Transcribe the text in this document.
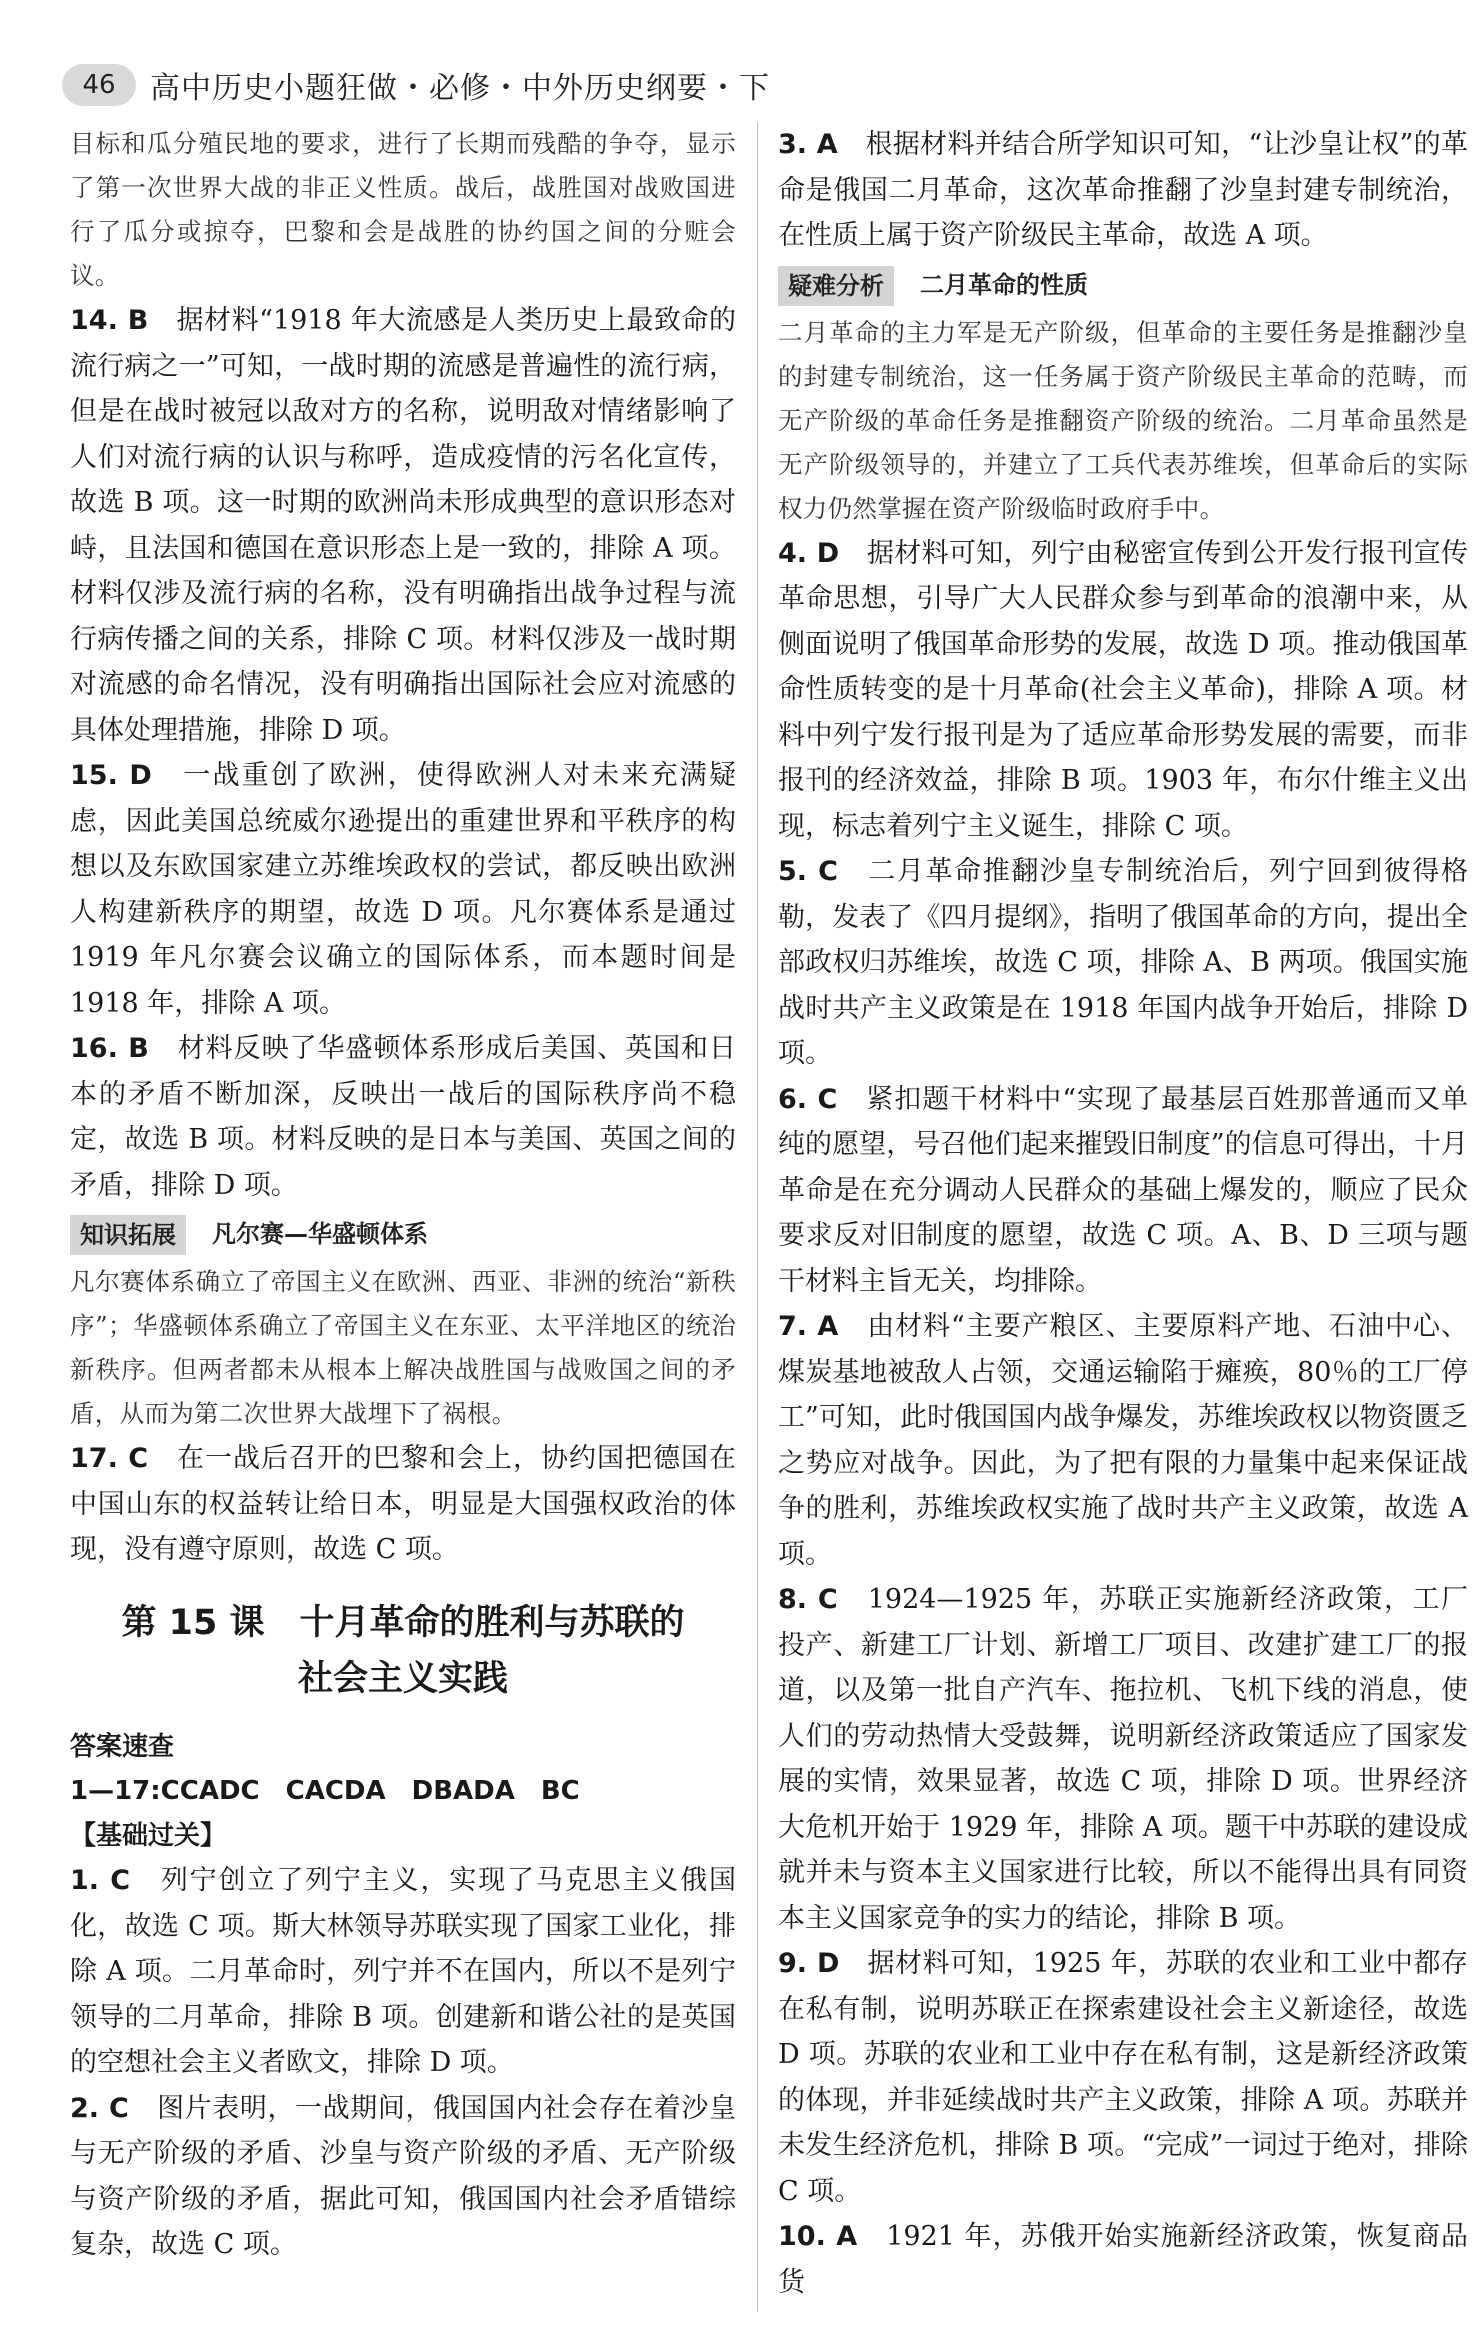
46	高中历史小题狂做・必修・中外历史纲要・下

目标和瓜分殖民地的要求，进行了长期而残酷的争夺，显示了第一次世界大战的非正义性质。战后，战胜国对战败国进行了瓜分或掠夺，巴黎和会是战胜的协约国之间的分赃会议。

14. B　 据材料“1918 年大流感是人类历史上最致命的流行病之一”可知，一战时期的流感是普遍性的流行病，但是在战时被冠以敌对方的名称，说明敌对情绪影响了人们对流行病的认识与称呼，造成疫情的污名化宣传，故选 B 项。这一时期的欧洲尚未形成典型的意识形态对峙，且法国和德国在意识形态上是一致的，排除 A 项。材料仅涉及流行病的名称，没有明确指出战争过程与流行病传播之间的关系，排除 C 项。材料仅涉及一战时期对流感的命名情况，没有明确指出国际社会应对流感的具体处理措施，排除 D 项。

15. D　 一战重创了欧洲，使得欧洲人对未来充满疑虑，因此美国总统威尔逊提出的重建世界和平秩序的构想以及东欧国家建立苏维埃政权的尝试，都反映出欧洲人构建新秩序的期望，故选 D 项。凡尔赛体系是通过 1919 年凡尔赛会议确立的国际体系，而本题时间是 1918 年，排除 A 项。

16. B　 材料反映了华盛顿体系形成后美国、英国和日本的矛盾不断加深，反映出一战后的国际秩序尚不稳定，故选 B 项。材料反映的是日本与美国、英国之间的矛盾，排除 D 项。

知识拓展	凡尔赛—华盛顿体系

凡尔赛体系确立了帝国主义在欧洲、西亚、非洲的统治“新秩序”；华盛顿体系确立了帝国主义在东亚、太平洋地区的统治新秩序。但两者都未从根本上解决战胜国与战败国之间的矛盾，从而为第二次世界大战埋下了祸根。

17. C　 在一战后召开的巴黎和会上，协约国把德国在中国山东的权益转让给日本，明显是大国强权政治的体现，没有遵守原则，故选 C 项。

第 15 课　十月革命的胜利与苏联的
社会主义实践
答案速查
1—17:CCADC　CACDA　DBADA　BC
【基础过关】

1. C　 列宁创立了列宁主义，实现了马克思主义俄国化，故选 C 项。斯大林领导苏联实现了国家工业化，排除 A 项。二月革命时，列宁并不在国内，所以不是列宁领导的二月革命，排除 B 项。创建新和谐公社的是英国的空想社会主义者欧文，排除 D 项。

2. C　 图片表明，一战期间，俄国国内社会存在着沙皇与无产阶级的矛盾、沙皇与资产阶级的矛盾、无产阶级与资产阶级的矛盾，据此可知，俄国国内社会矛盾错综复杂，故选 C 项。

3. A　 根据材料并结合所学知识可知，“让沙皇让权”的革命是俄国二月革命，这次革命推翻了沙皇封建专制统治，在性质上属于资产阶级民主革命，故选 A 项。

疑难分析	二月革命的性质

二月革命的主力军是无产阶级，但革命的主要任务是推翻沙皇的封建专制统治，这一任务属于资产阶级民主革命的范畴，而无产阶级的革命任务是推翻资产阶级的统治。二月革命虽然是无产阶级领导的，并建立了工兵代表苏维埃，但革命后的实际权力仍然掌握在资产阶级临时政府手中。

4. D　 据材料可知，列宁由秘密宣传到公开发行报刊宣传革命思想，引导广大人民群众参与到革命的浪潮中来，从侧面说明了俄国革命形势的发展，故选 D 项。推动俄国革命性质转变的是十月革命(社会主义革命)，排除 A 项。材料中列宁发行报刊是为了适应革命形势发展的需要，而非报刊的经济效益，排除 B 项。1903 年，布尔什维主义出现，标志着列宁主义诞生，排除 C 项。

5. C　 二月革命推翻沙皇专制统治后，列宁回到彼得格勒，发表了《四月提纲》，指明了俄国革命的方向，提出全部政权归苏维埃，故选 C 项，排除 A、B 两项。俄国实施战时共产主义政策是在 1918 年国内战争开始后，排除 D 项。

6. C　 紧扣题干材料中“实现了最基层百姓那普通而又单纯的愿望，号召他们起来摧毁旧制度”的信息可得出，十月革命是在充分调动人民群众的基础上爆发的，顺应了民众要求反对旧制度的愿望，故选 C 项。A、B、D 三项与题干材料主旨无关，均排除。

7. A　 由材料“主要产粮区、主要原料产地、石油中心、煤炭基地被敌人占领，交通运输陷于瘫痪，80％的工厂停工”可知，此时俄国国内战争爆发，苏维埃政权以物资匮乏之势应对战争。因此，为了把有限的力量集中起来保证战争的胜利，苏维埃政权实施了战时共产主义政策，故选 A 项。

8. C　 1924—1925 年，苏联正实施新经济政策，工厂投产、新建工厂计划、新增工厂项目、改建扩建工厂的报道，以及第一批自产汽车、拖拉机、飞机下线的消息，使人们的劳动热情大受鼓舞，说明新经济政策适应了国家发展的实情，效果显著，故选 C 项，排除 D 项。世界经济大危机开始于 1929 年，排除 A 项。题干中苏联的建设成就并未与资本主义国家进行比较，所以不能得出具有同资本主义国家竞争的实力的结论，排除 B 项。

9. D　 据材料可知，1925 年，苏联的农业和工业中都存在私有制，说明苏联正在探索建设社会主义新途径，故选 D 项。苏联的农业和工业中存在私有制，这是新经济政策的体现，并非延续战时共产主义政策，排除 A 项。苏联并未发生经济危机，排除 B 项。“完成”一词过于绝对，排除 C 项。

10. A　 1921 年，苏俄开始实施新经济政策，恢复商品货
